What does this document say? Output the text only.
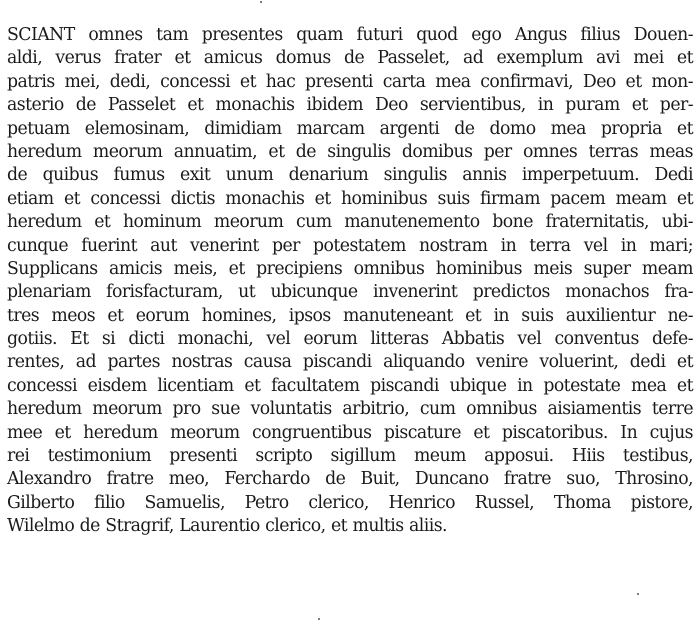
SCIANT omnes tam presentes quam futuri quod ego Angus filius Douen-
aldi, verus frater et amicus domus de Passelet, ad exemplum avi mei et
patris mei, dedi, concessi et hac presenti carta mea confirmavi, Deo et mon-
asterio de Passelet et monachis ibidem Deo servientibus, in puram et per-
petuam elemosinam, dimidiam marcam argenti de domo mea propria et
heredum meorum annuatim, et de singulis domibus per omnes terras meas
de quibus fumus exit unum denarium singulis annis imperpetuum. Dedi
etiam et concessi dictis monachis et hominibus suis firmam pacem meam et
heredum et hominum meorum cum manutenemento bone fraternitatis, ubi-
cunque fuerint aut venerint per potestatem nostram in terra vel in mari;
Supplicans amicis meis, et precipiens omnibus hominibus meis super meam
plenariam forisfacturam, ut ubicunque invenerint predictos monachos fra-
tres meos et eorum homines, ipsos manuteneant et in suis auxilientur ne-
gotiis. Et si dicti monachi, vel eorum litteras Abbatis vel conventus defe-
rentes, ad partes nostras causa piscandi aliquando venire voluerint, dedi et
concessi eisdem licentiam et facultatem piscandi ubique in potestate mea et
heredum meorum pro sue voluntatis arbitrio, cum omnibus aisiamentis terre
mee et heredum meorum congruentibus piscature et piscatoribus. In cujus
rei testimonium presenti scripto sigillum meum apposui. Hiis testibus,
Alexandro fratre meo, Ferchardo de Buit, Duncano fratre suo, Throsino,
Gilberto filio Samuelis, Petro clerico, Henrico Russel, Thoma pistore,
Wilelmo de Stragrif, Laurentio clerico, et multis aliis.
